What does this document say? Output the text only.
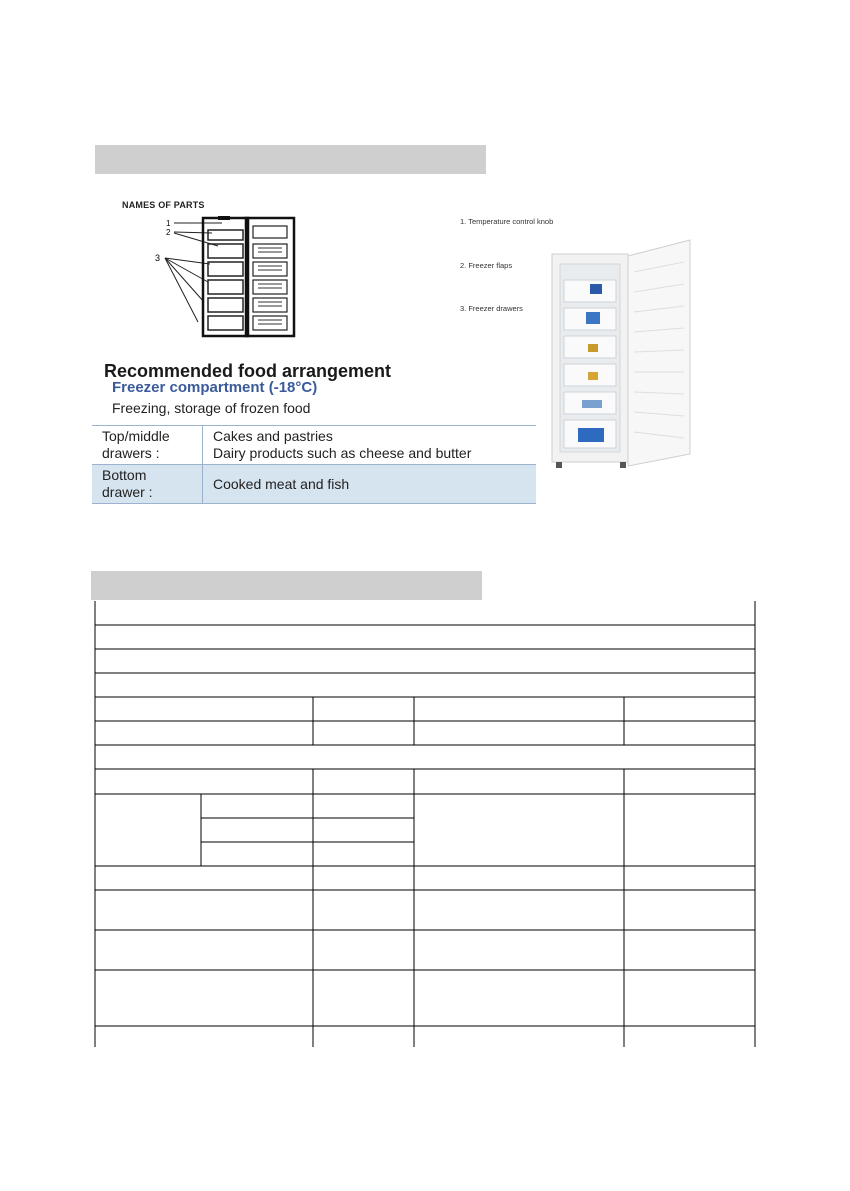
NAMES OF PARTS
1
2
3
Recommended food arrangement
Freezer compartment (-18°C)
Freezing, storage of frozen food
Top/middle drawers :	Cakes and pastries
Dairy products such as cheese and butter

Bottom drawer :	Cooked meat and fish
1. Temperature control knob
2. Freezer flaps
3. Freezer drawers
